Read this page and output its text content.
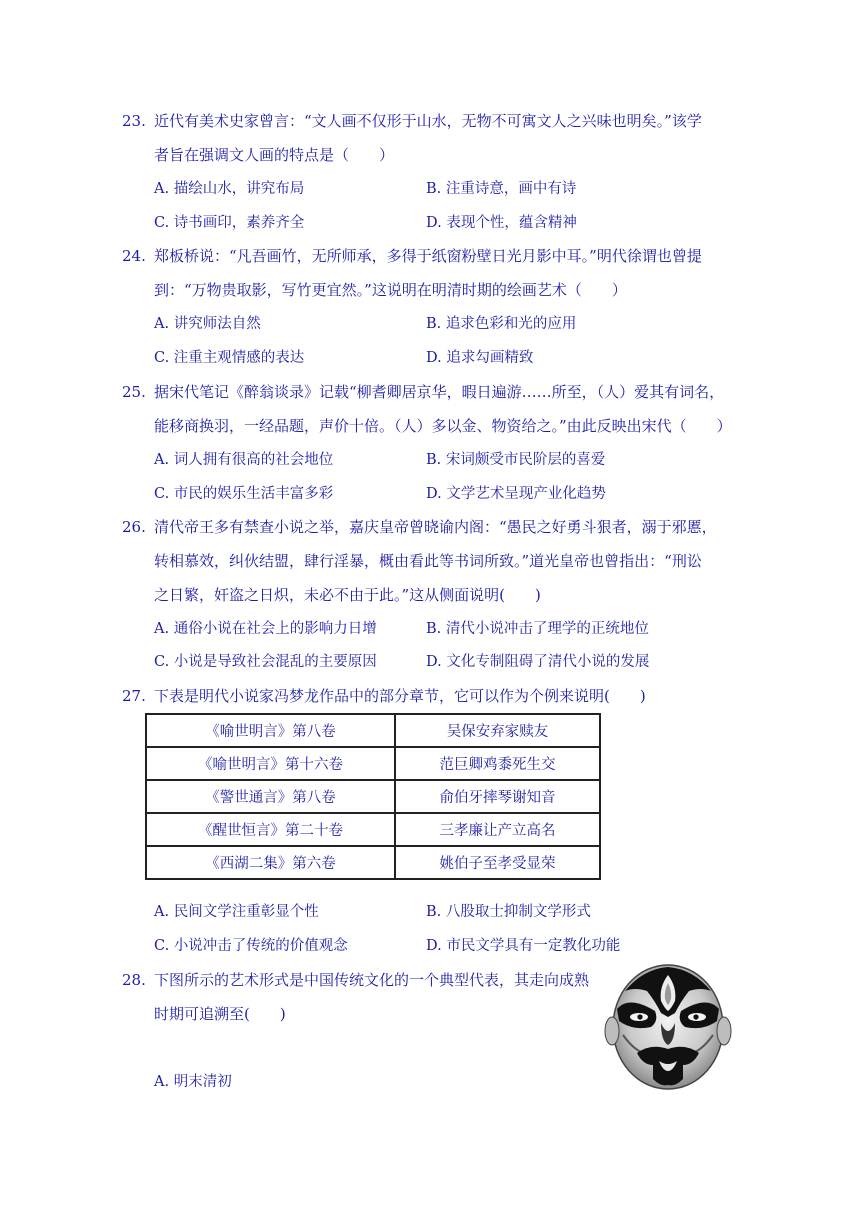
23. 近代有美术史家曾言：“文人画不仅形于山水，无物不可寓文人之兴味也明矣。”该学
者旨在强调文人画的特点是（　　）
A. 描绘山水，讲究布局	B. 注重诗意，画中有诗
C. 诗书画印，素养齐全	D. 表现个性，蕴含精神
24. 郑板桥说：“凡吾画竹，无所师承，多得于纸窗粉壁日光月影中耳。”明代徐谓也曾提
到：“万物贵取影，写竹更宜然。”这说明在明清时期的绘画艺术（　　）
A. 讲究师法自然	B. 追求色彩和光的应用
C. 注重主观情感的表达	D. 追求勾画精致
25. 据宋代笔记《醉翁谈录》记载“柳耆卿居京华，暇日遍游……所至，（人）爱其有词名，
能移商换羽，一经品题，声价十倍。（人）多以金、物资给之。”由此反映出宋代（　　）
A. 词人拥有很高的社会地位	B. 宋词颇受市民阶层的喜爱
C. 市民的娱乐生活丰富多彩	D. 文学艺术呈现产业化趋势
26. 清代帝王多有禁查小说之举，嘉庆皇帝曾晓谕内阁：“愚民之好勇斗狠者，溺于邪慝，
转相慕效，纠伙结盟，肆行淫暴，概由看此等书词所致。”道光皇帝也曾指出：“刑讼
之日繁，奸盗之日炽，未必不由于此。”这从侧面说明(　　)
A. 通俗小说在社会上的影响力日增	B. 清代小说冲击了理学的正统地位
C. 小说是导致社会混乱的主要原因	D. 文化专制阻碍了清代小说的发展
27. 下表是明代小说家冯梦龙作品中的部分章节，它可以作为个例来说明(　　)
《喻世明言》第八卷	吴保安弃家赎友
《喻世明言》第十六卷	范巨卿鸡黍死生交
《警世通言》第八卷	俞伯牙摔琴谢知音
《醒世恒言》第二十卷	三孝廉让产立高名
《西湖二集》第六卷	姚伯子至孝受显荣
A. 民间文学注重彰显个性	B. 八股取士抑制文学形式
C. 小说冲击了传统的价值观念	D. 市民文学具有一定教化功能
28. 下图所示的艺术形式是中国传统文化的一个典型代表，其走向成熟
时期可追溯至(　　)
A. 明末清初
